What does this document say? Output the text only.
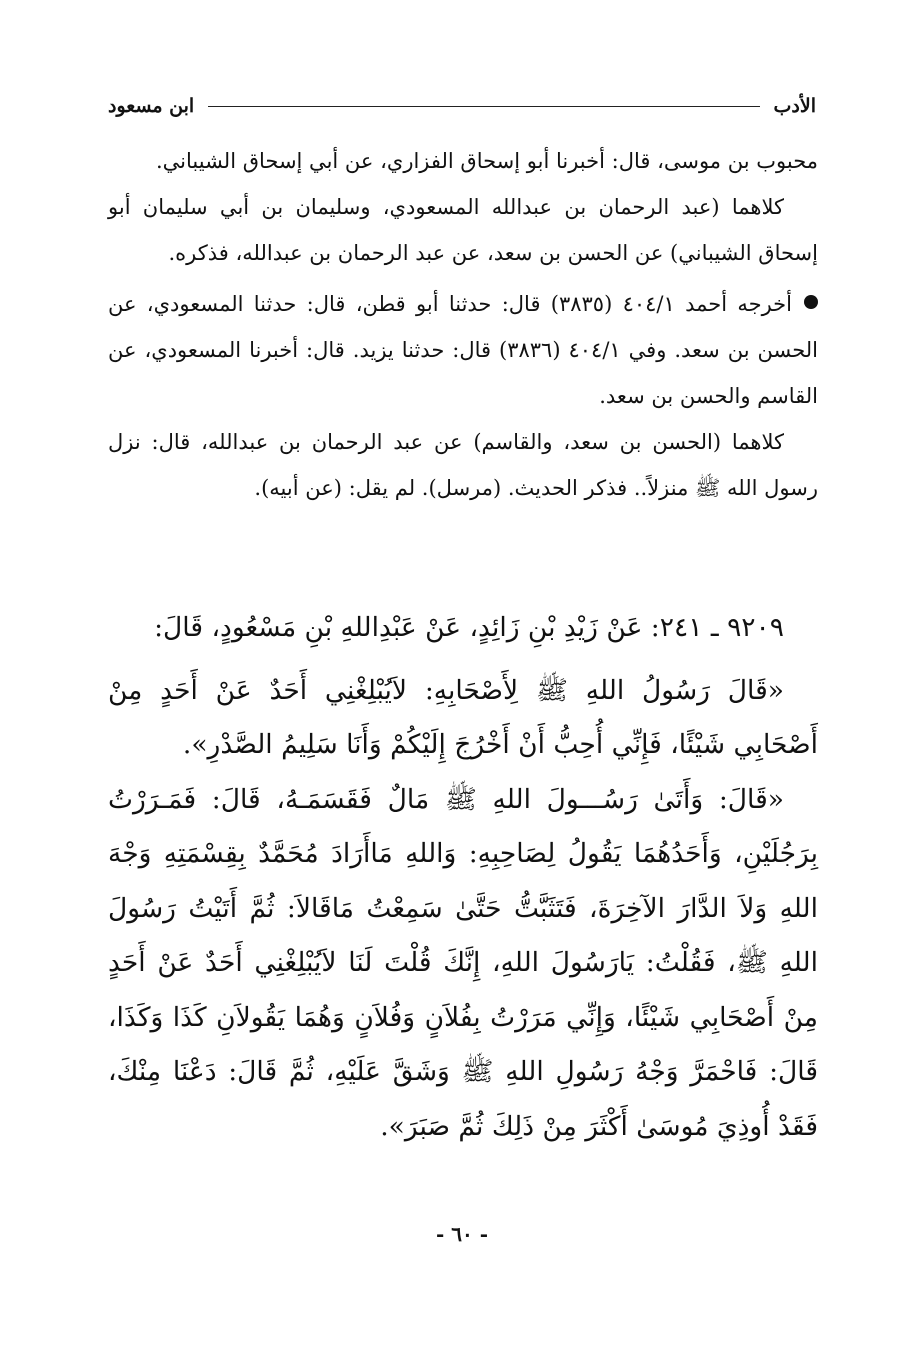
الأدب
ابن مسعود

محبوب بن موسى، قال: أخبرنا أبو إسحاق الفزاري، عن أبي إسحاق الشيباني.

كلاهما (عبد الرحمان بن عبدالله المسعودي، وسليمان بن أبي سليمان أبو إسحاق الشيباني) عن الحسن بن سعد، عن عبد الرحمان بن عبدالله، فذكره.

أخرجه أحمد ٤٠٤/١ (٣٨٣٥) قال: حدثنا أبو قطن، قال: حدثنا المسعودي، عن الحسن بن سعد. وفي ٤٠٤/١ (٣٨٣٦) قال: حدثنا يزيد. قال: أخبرنا المسعودي، عن القاسم والحسن بن سعد.

كلاهما (الحسن بن سعد، والقاسم) عن عبد الرحمان بن عبدالله، قال: نزل رسول الله ﷺ منزلاً.. فذكر الحديث. (مرسل). لم يقل: (عن أبيه).

٩٢٠٩ ـ ٢٤١: عَنْ زَيْدِ بْنِ زَائِدٍ، عَنْ عَبْدِاللهِ بْنِ مَسْعُودٍ، قَالَ:

«قَالَ رَسُولُ اللهِ ﷺ لِأَصْحَابِهِ: لاَيُبْلِغْنِي أَحَدٌ عَنْ أَحَدٍ مِنْ أَصْحَابِي شَيْئًا، فَإِنِّي أُحِبُّ أَنْ أَخْرُجَ إِلَيْكُمْ وَأَنَا سَلِيمُ الصَّدْرِ».

«قَالَ: وَأَتَىٰ رَسُـــولَ اللهِ ﷺ مَالٌ فَقَسَمَـهُ، قَالَ: فَمَـرَرْتُ بِرَجُلَيْنِ، وَأَحَدُهُمَا يَقُولُ لِصَاحِبِهِ: وَاللهِ مَاأَرَادَ مُحَمَّدٌ بِقِسْمَتِهِ وَجْهَ اللهِ وَلاَ الدَّارَ الآخِرَةَ، فَتَثَبَّتُّ حَتَّىٰ سَمِعْتُ مَاقَالاَ: ثُمَّ أَتَيْتُ رَسُولَ اللهِ ﷺ، فَقُلْتُ: يَارَسُولَ اللهِ، إِنَّكَ قُلْتَ لَنَا لاَيُبْلِغْنِي أَحَدٌ عَنْ أَحَدٍ مِنْ أَصْحَابِي شَيْئًا، وَإِنِّي مَرَرْتُ بِفُلاَنٍ وَفُلاَنٍ وَهُمَا يَقُولاَنِ كَذَا وَكَذَا، قَالَ: فَاحْمَرَّ وَجْهُ رَسُولِ اللهِ ﷺ وَشَقَّ عَلَيْهِ، ثُمَّ قَالَ: دَعْنَا مِنْكَ، فَقَدْ أُوذِيَ مُوسَىٰ أَكْثَرَ مِنْ ذَلِكَ ثُمَّ صَبَرَ».

- ٦٠ -
